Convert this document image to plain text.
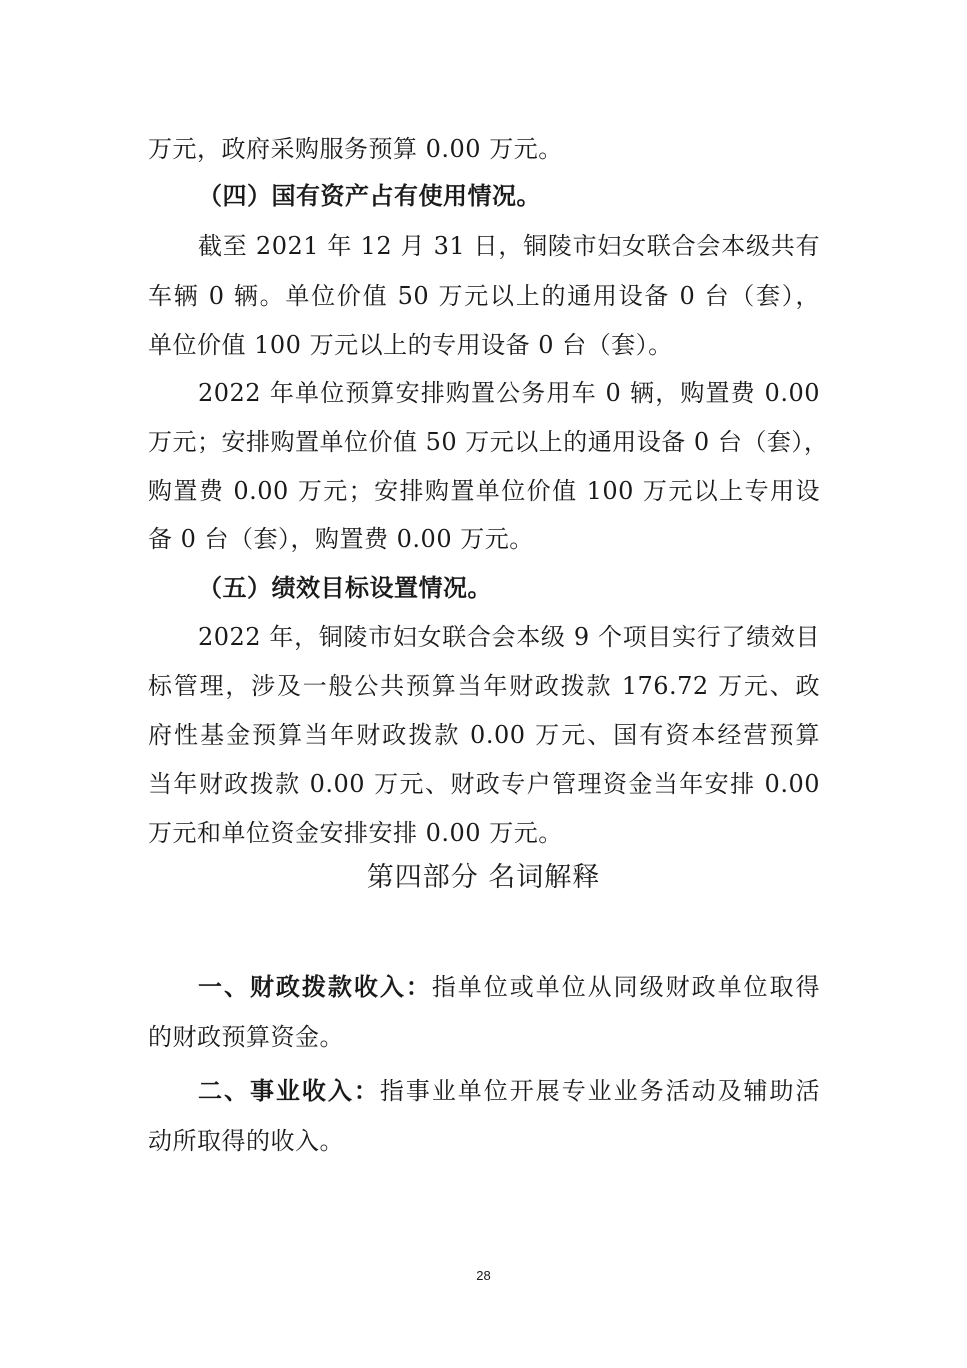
万元，政府采购服务预算 0.00 万元。
（四）国有资产占有使用情况。
截至 2021 年 12 月 31 日，铜陵市妇女联合会本级共有
车辆 0 辆。单位价值 50 万元以上的通用设备 0 台（套），
单位价值 100 万元以上的专用设备 0 台（套）。
2022 年单位预算安排购置公务用车 0 辆，购置费 0.00
万元；安排购置单位价值 50 万元以上的通用设备 0 台（套），
购置费 0.00 万元；安排购置单位价值 100 万元以上专用设
备 0 台（套），购置费 0.00 万元。
（五）绩效目标设置情况。
2022 年，铜陵市妇女联合会本级 9 个项目实行了绩效目
标管理，涉及一般公共预算当年财政拨款 176.72 万元、政
府性基金预算当年财政拨款 0.00 万元、国有资本经营预算
当年财政拨款 0.00 万元、财政专户管理资金当年安排 0.00
万元和单位资金安排安排 0.00 万元。
第四部分 名词解释
一、财政拨款收入：指单位或单位从同级财政单位取得
的财政预算资金。
二、事业收入：指事业单位开展专业业务活动及辅助活
动所取得的收入。
28
